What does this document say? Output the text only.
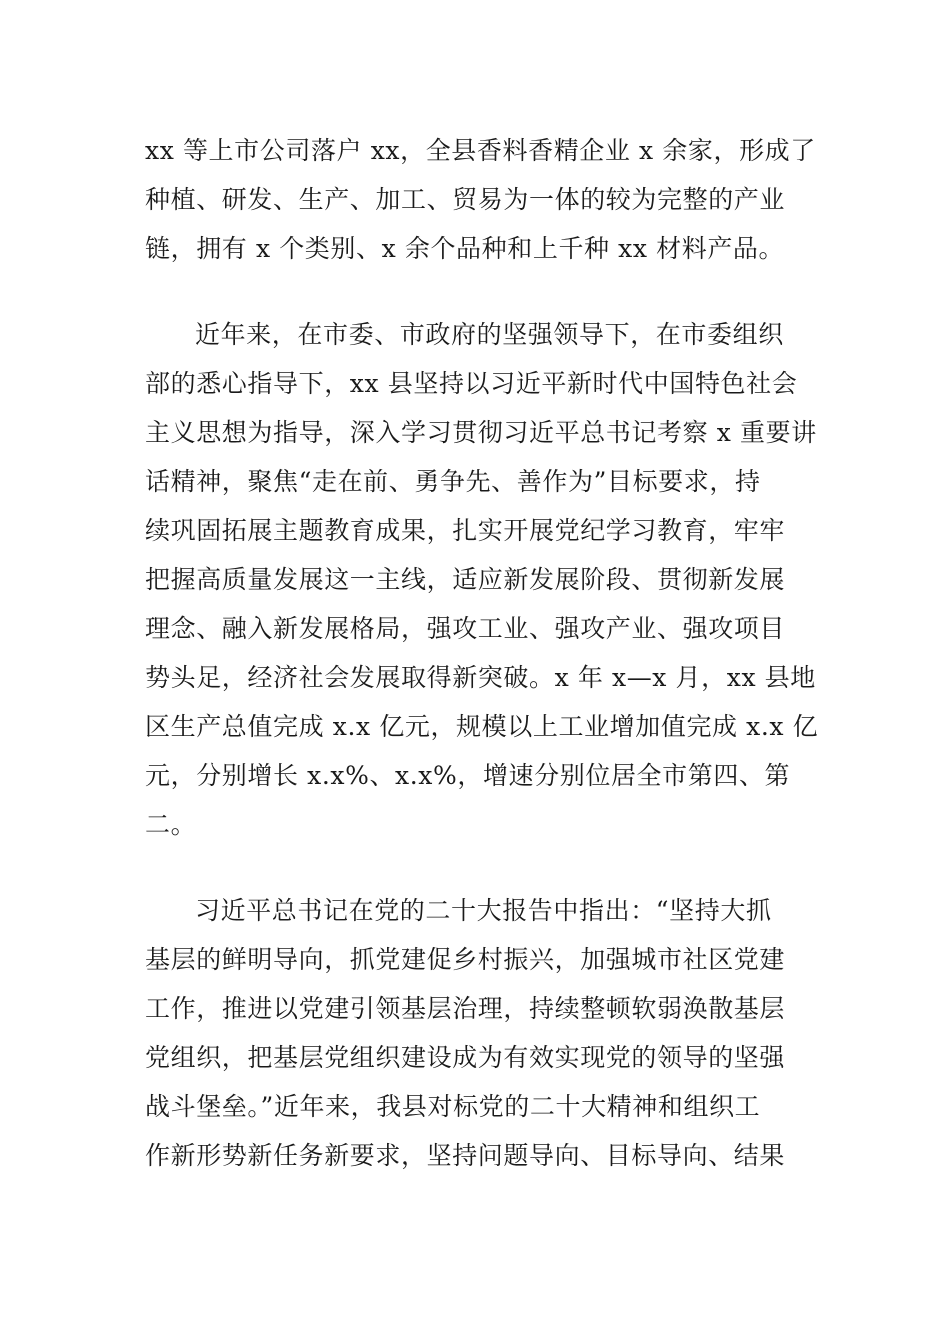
xx 等上市公司落户 xx，全县香料香精企业 x 余家，形成了
种植、研发、生产、加工、贸易为一体的较为完整的产业
链，拥有 x 个类别、x 余个品种和上千种 xx 材料产品。
近年来，在市委、市政府的坚强领导下，在市委组织
部的悉心指导下，xx 县坚持以习近平新时代中国特色社会
主义思想为指导，深入学习贯彻习近平总书记考察 x 重要讲
话精神，聚焦“走在前、勇争先、善作为”目标要求，持
续巩固拓展主题教育成果，扎实开展党纪学习教育，牢牢
把握高质量发展这一主线，适应新发展阶段、贯彻新发展
理念、融入新发展格局，强攻工业、强攻产业、强攻项目
势头足，经济社会发展取得新突破。x 年 x—x 月，xx 县地
区生产总值完成 x.x 亿元，规模以上工业增加值完成 x.x 亿
元，分别增长 x.x%、x.x%，增速分别位居全市第四、第
二。
习近平总书记在党的二十大报告中指出：“坚持大抓
基层的鲜明导向，抓党建促乡村振兴，加强城市社区党建
工作，推进以党建引领基层治理，持续整顿软弱涣散基层
党组织，把基层党组织建设成为有效实现党的领导的坚强
战斗堡垒。”近年来，我县对标党的二十大精神和组织工
作新形势新任务新要求，坚持问题导向、目标导向、结果
